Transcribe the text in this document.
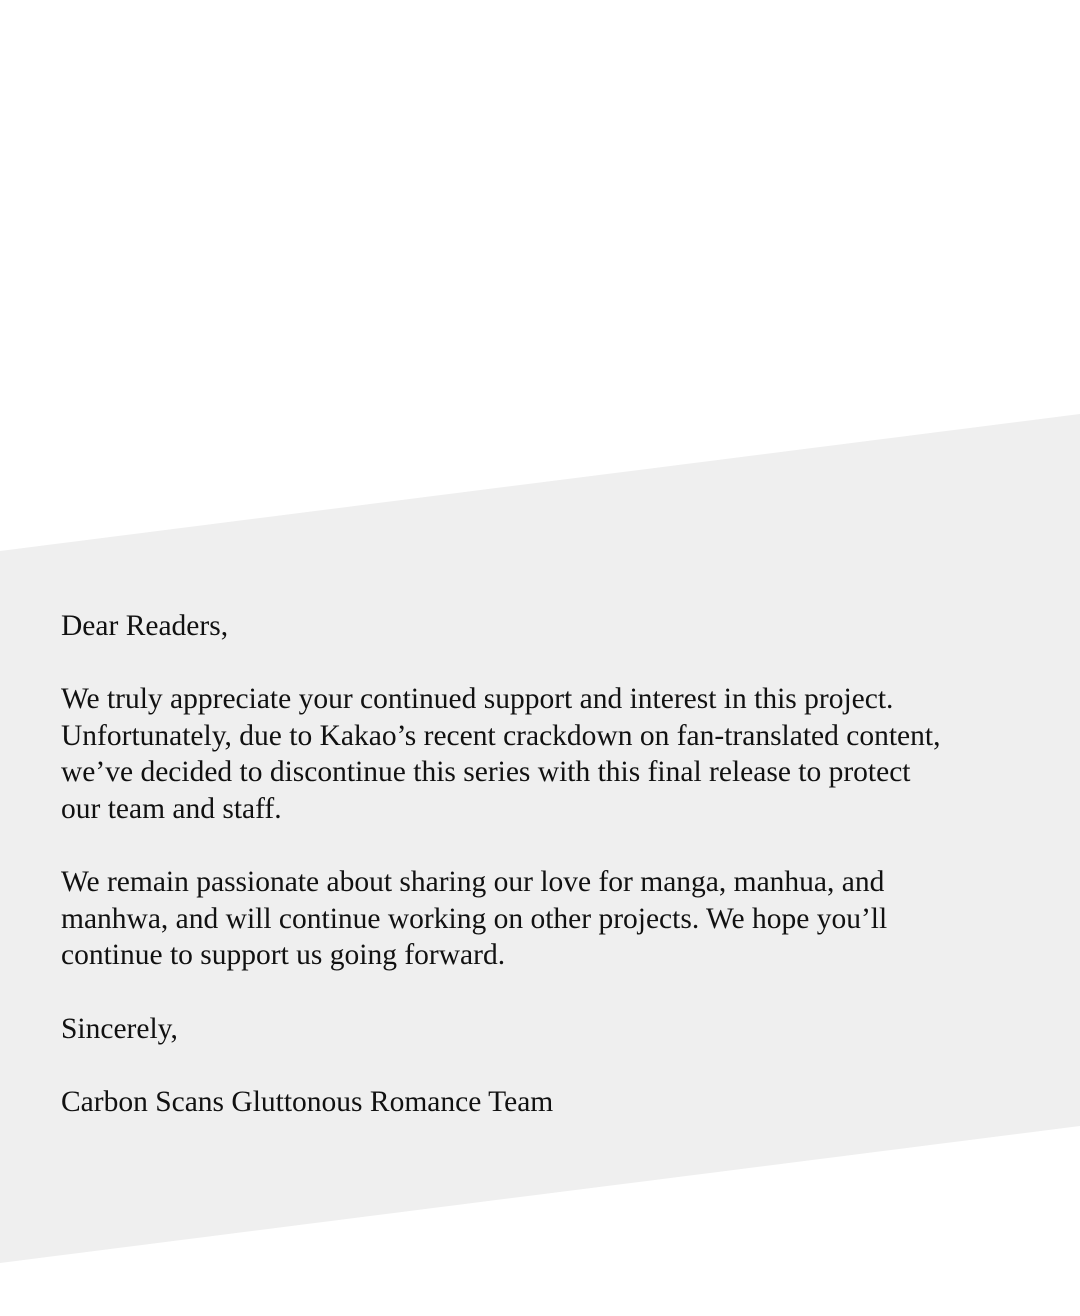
Dear Readers,

We truly appreciate your continued support and interest in this project.

Unfortunately, due to Kakao’s recent crackdown on fan-translated content,

we’ve decided to discontinue this series with this final release to protect

our team and staff.

We remain passionate about sharing our love for manga, manhua, and

manhwa, and will continue working on other projects. We hope you’ll

continue to support us going forward.

Sincerely,

Carbon Scans Gluttonous Romance Team
